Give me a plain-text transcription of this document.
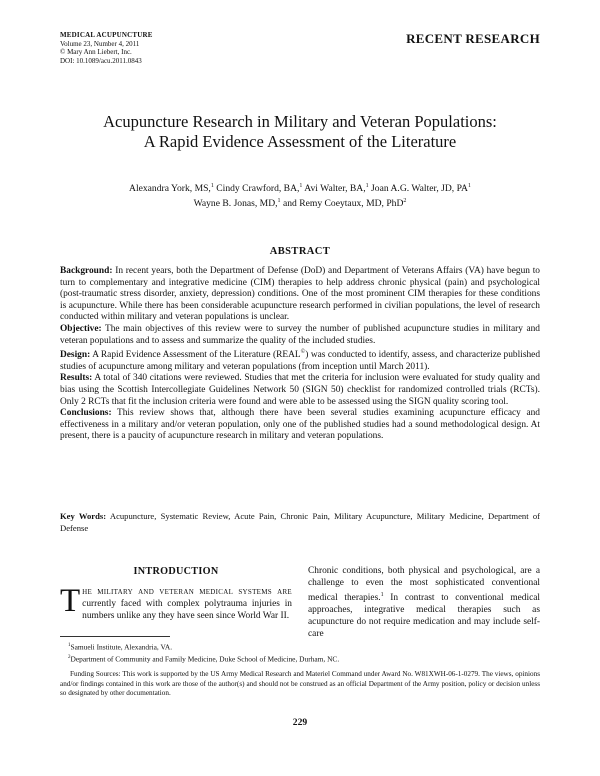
MEDICAL ACUPUNCTURE
Volume 23, Number 4, 2011
© Mary Ann Liebert, Inc.
DOI: 10.1089/acu.2011.0843
RECENT RESEARCH
Acupuncture Research in Military and Veteran Populations:
A Rapid Evidence Assessment of the Literature
Alexandra York, MS,$^1$ Cindy Crawford, BA,$^1$ Avi Walter, BA,$^1$ Joan A.G. Walter, JD, $PA^1$
Wayne B. Jonas, MD,$^1$ and Remy Coeytaux, MD, PhD$^2$
ABSTRACT

Background: In recent years, both the Department of Defense (DoD) and Department of Veterans Affairs (VA) have begun to turn to complementary and integrative medicine (CIM) therapies to help address chronic physical (pain) and psychological (post-traumatic stress disorder, anxiety, depression) conditions. One of the most prominent CIM therapies for these conditions is acupuncture. While there has been considerable acupuncture research performed in civilian populations, the level of research conducted within military and veteran populations is unclear.

Objective: The main objectives of this review were to survey the number of published acupuncture studies in military and veteran populations and to assess and summarize the quality of the included studies.

Design: A Rapid Evidence Assessment of the Literature (REAL©) was conducted to identify, assess, and characterize published studies of acupuncture among military and veteran populations (from inception until March 2011).

Results: A total of 340 citations were reviewed. Studies that met the criteria for inclusion were evaluated for study quality and bias using the Scottish Intercollegiate Guidelines Network 50 (SIGN 50) checklist for randomized controlled trials (RCTs). Only 2 RCTs that fit the inclusion criteria were found and were able to be assessed using the SIGN quality scoring tool.

Conclusions: This review shows that, although there have been several studies examining acupuncture efficacy and effectiveness in a military and/or veteran population, only one of the published studies had a sound methodological design. At present, there is a paucity of acupuncture research in military and veteran populations.

Key Words: Acupuncture, Systematic Review, Acute Pain, Chronic Pain, Military Acupuncture, Military Medicine, Department of Defense
INTRODUCTION
The military and veteran medical systems are currently faced with complex polytrauma injuries in numbers unlike any they have seen since World War II.
Chronic conditions, both physical and psychological, are a challenge to even the most sophisticated conventional medical therapies.$^1$ In contrast to conventional medical approaches, integrative medical therapies such as acupuncture do not require medication and may include self-care
$^1$Samueli Institute, Alexandria, VA.
$^2$Department of Community and Family Medicine, Duke School of Medicine, Durham, NC.
Funding Sources: This work is supported by the US Army Medical Research and Materiel Command under Award No. W81XWH-06-1-0279. The views, opinions and/or findings contained in this work are those of the author(s) and should not be construed as an official Department of the Army position, policy or decision unless so designated by other documentation.
229
